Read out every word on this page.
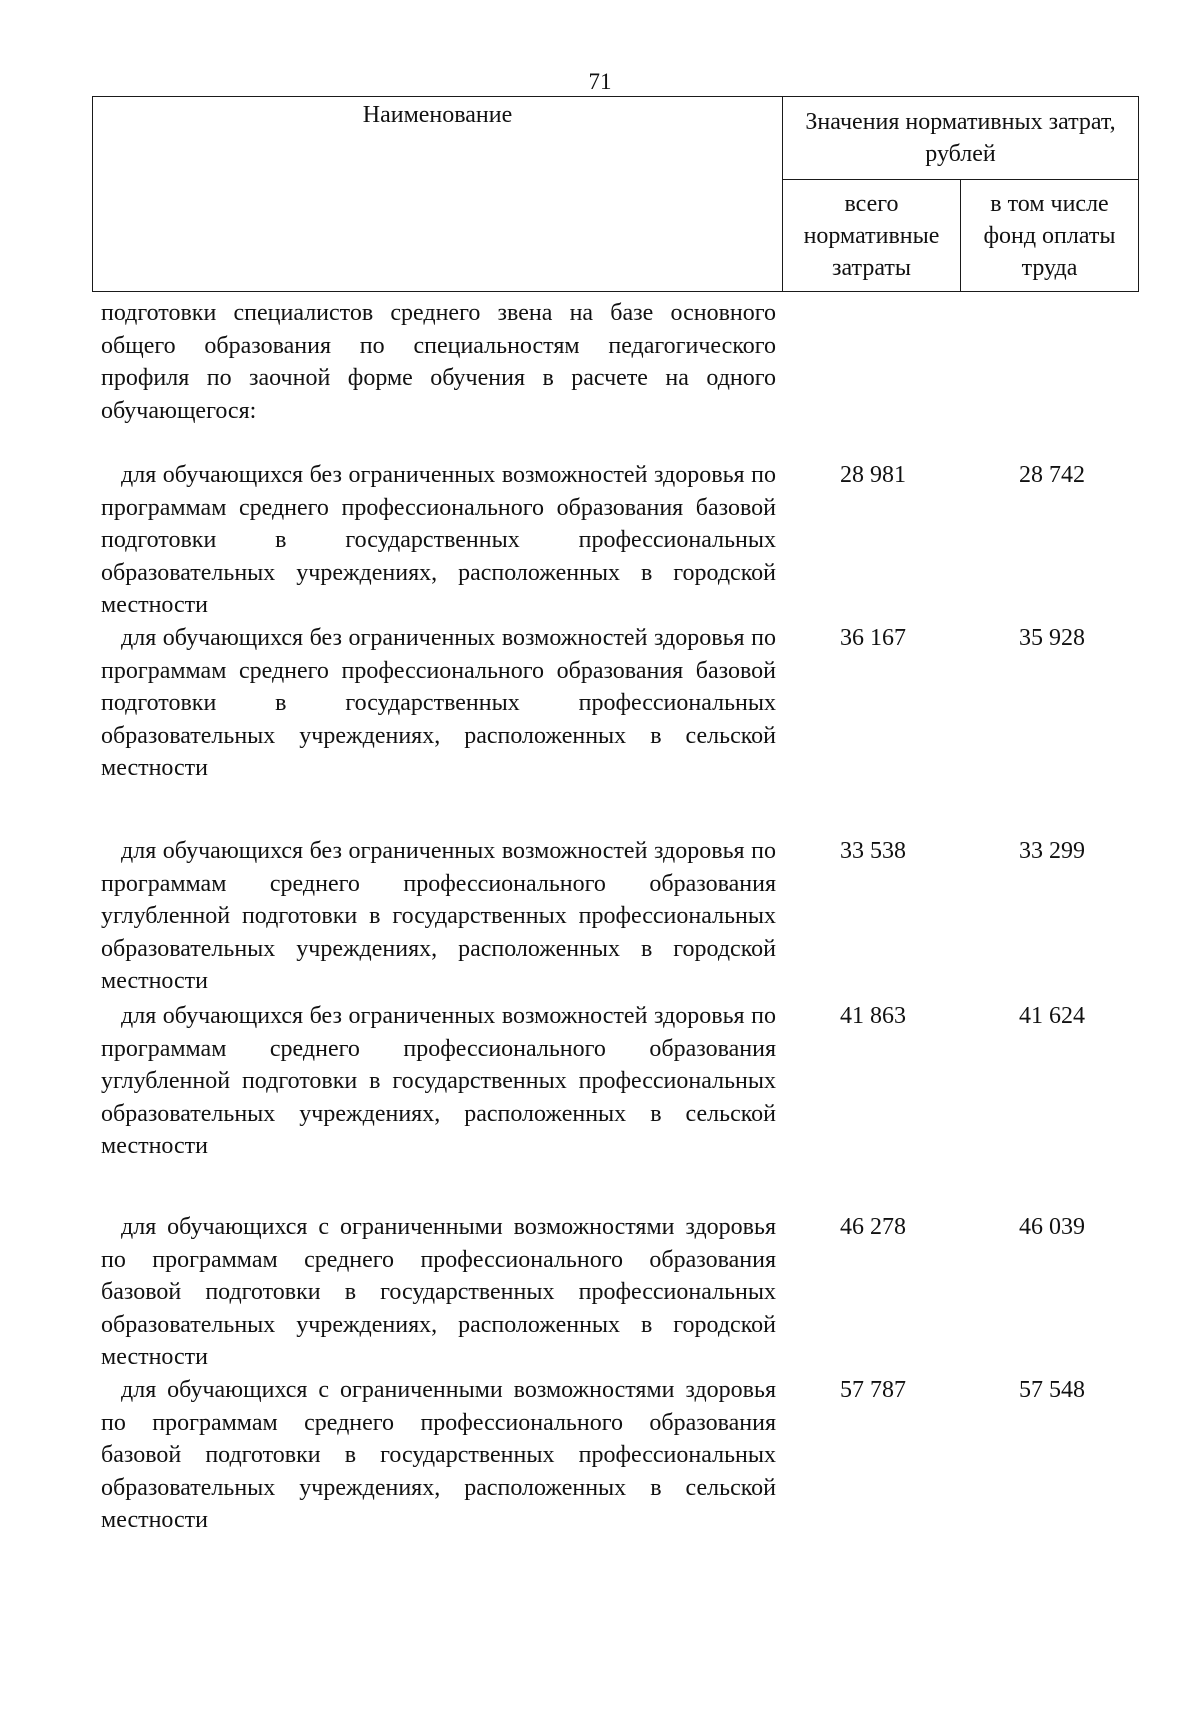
71
Наименование	Значения нормативных затрат, рублей	
	всего нормативные затраты	в том числе фонд оплаты труда
подготовки специалистов среднего звена на базе основного общего образования по специальностям педагогического профиля по заочной форме обучения в расчете на одного обучающегося:
для обучающихся без ограниченных возможностей здоровья по программам среднего профессионального образования базовой подготовки в государственных профессиональных образовательных учреждениях, расположенных в городской местности
28 981	28 742
для обучающихся без ограниченных возможностей здоровья по программам среднего профессионального образования базовой подготовки в государственных профессиональных образовательных учреждениях, расположенных в сельской местности
36 167	35 928
для обучающихся без ограниченных возможностей здоровья по программам среднего профессионального образования углубленной подготовки в государственных профессиональных образовательных учреждениях, расположенных в городской местности
33 538	33 299
для обучающихся без ограниченных возможностей здоровья по программам среднего профессионального образования углубленной подготовки в государственных профессиональных образовательных учреждениях, расположенных в сельской местности
41 863	41 624
для обучающихся с ограниченными возможностями здоровья по программам среднего профессионального образования базовой подготовки в государственных профессиональных образовательных учреждениях, расположенных в городской местности
46 278	46 039
для обучающихся с ограниченными возможностями здоровья по программам среднего профессионального образования базовой подготовки в государственных профессиональных образовательных учреждениях, расположенных в сельской местности
57 787	57 548
